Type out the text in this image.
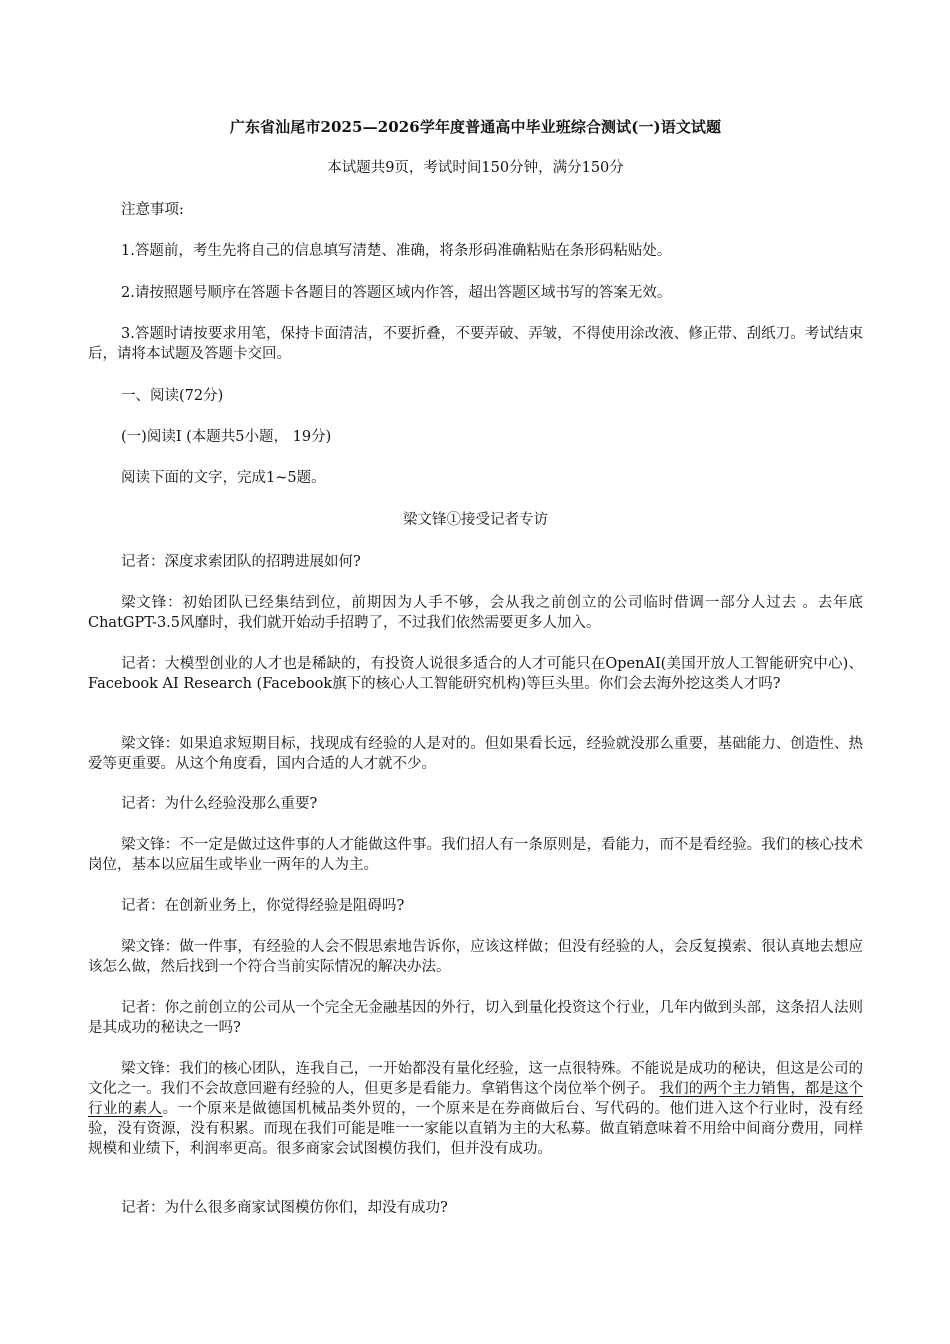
广东省汕尾市2025—2026学年度普通高中毕业班综合测试(一)语文试题
本试题共9页，考试时间150分钟，满分150分
注意事项:
1.答题前，考生先将自己的信息填写清楚、准确，将条形码准确粘贴在条形码粘贴处。
2.请按照题号顺序在答题卡各题目的答题区域内作答，超出答题区域书写的答案无效。
3.答题时请按要求用笔，保持卡面清洁，不要折叠，不要弄破、弄皱，不得使用涂改液、修正带、刮纸刀。考试结束后，请将本试题及答题卡交回。
一、阅读(72分)
(一)阅读Ⅰ (本题共5小题， 19分)
阅读下面的文字，完成1~5题。
梁文锋①接受记者专访
记者：深度求索团队的招聘进展如何?
梁文锋：初始团队已经集结到位，前期因为人手不够，会从我之前创立的公司临时借调一部分人过去 。去年底ChatGPT-3.5风靡时，我们就开始动手招聘了，不过我们依然需要更多人加入。
记者：大模型创业的人才也是稀缺的，有投资人说很多适合的人才可能只在OpenAI(美国开放人工智能研究中心)、Facebook AI Research (Facebook旗下的核心人工智能研究机构)等巨头里。你们会去海外挖这类人才吗?
梁文锋：如果追求短期目标，找现成有经验的人是对的。但如果看长远，经验就没那么重要，基础能力、创造性、热爱等更重要。从这个角度看，国内合适的人才就不少。
记者：为什么经验没那么重要?
梁文锋：不一定是做过这件事的人才能做这件事。我们招人有一条原则是，看能力，而不是看经验。我们的核心技术岗位，基本以应届生或毕业一两年的人为主。
记者：在创新业务上，你觉得经验是阻碍吗?
梁文锋：做一件事，有经验的人会不假思索地告诉你，应该这样做；但没有经验的人，会反复摸索、很认真地去想应该怎么做，然后找到一个符合当前实际情况的解决办法。
记者：你之前创立的公司从一个完全无金融基因的外行，切入到量化投资这个行业，几年内做到头部，这条招人法则是其成功的秘诀之一吗?
梁文锋：我们的核心团队，连我自己，一开始都没有量化经验，这一点很特殊。不能说是成功的秘诀，但这是公司的文化之一。我们不会故意回避有经验的人，但更多是看能力。拿销售这个岗位举个例子。 我们的两个主力销售，都是这个行业的素人。一个原来是做德国机械品类外贸的，一个原来是在券商做后台、写代码的。他们进入这个行业时，没有经验，没有资源，没有积累。而现在我们可能是唯一一家能以直销为主的大私募。做直销意味着不用给中间商分费用，同样规模和业绩下，利润率更高。很多商家会试图模仿我们，但并没有成功。
记者：为什么很多商家试图模仿你们，却没有成功?
